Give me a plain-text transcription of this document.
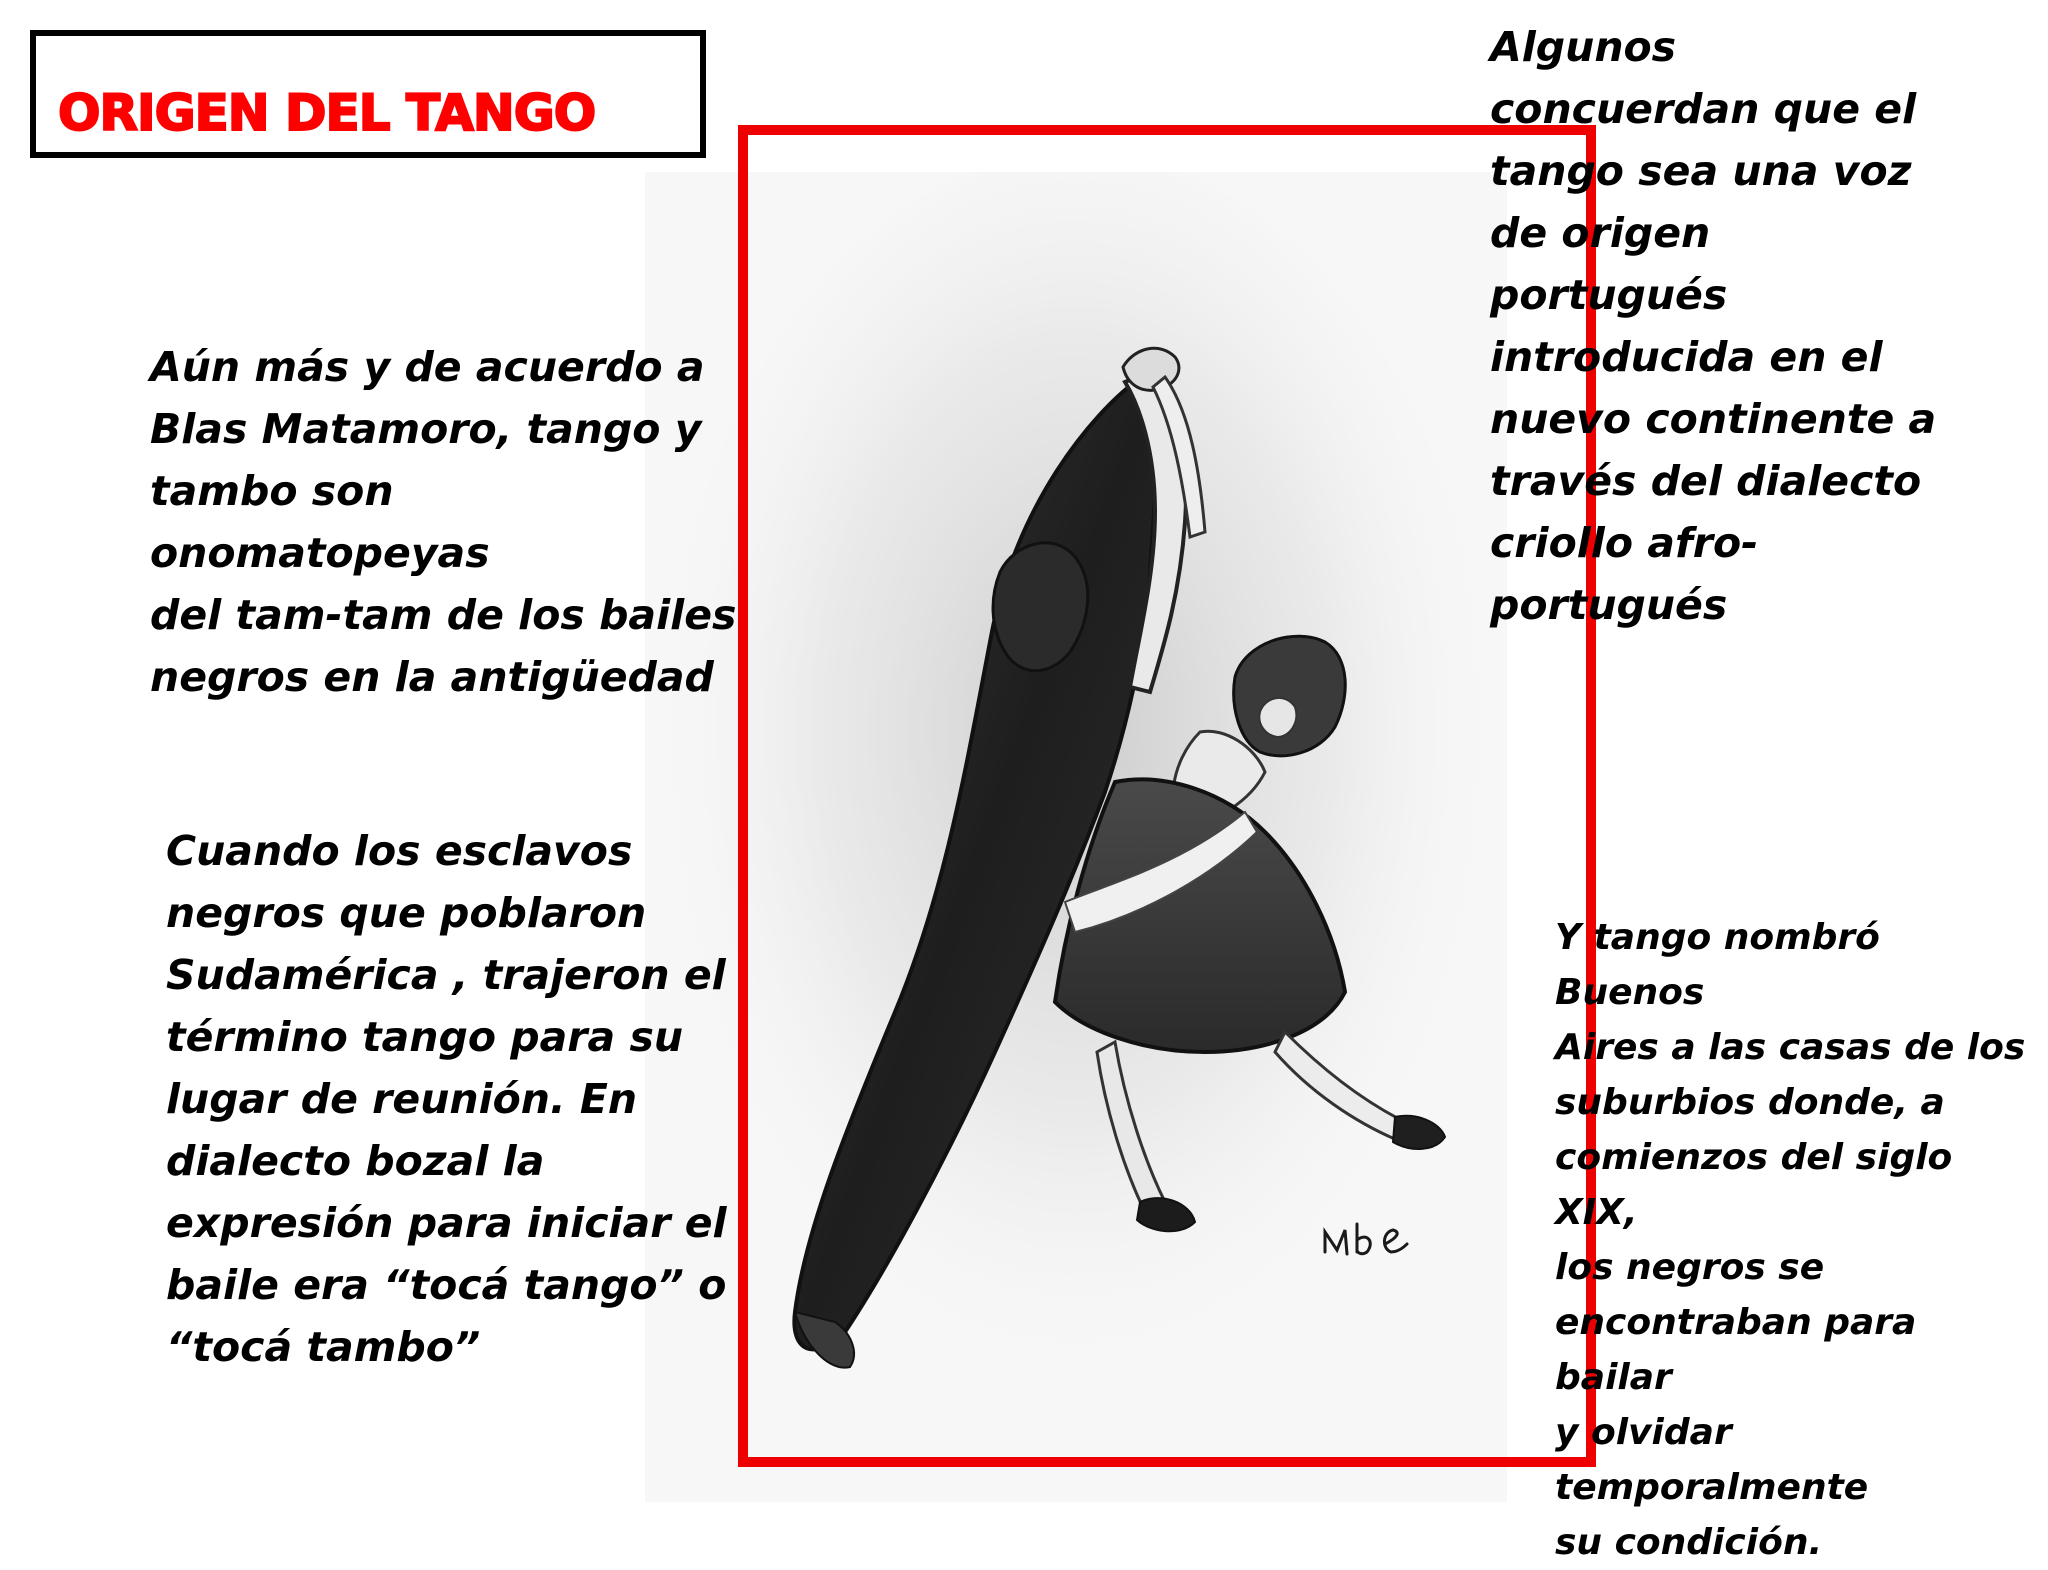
ORIGEN DEL TANGO

Aún más y de acuerdo a
Blas Matamoro, tango y
tambo son onomatopeyas
del tam-tam de los bailes
negros en la antigüedad

Cuando los esclavos
negros que poblaron
Sudamérica , trajeron el
término tango para su
lugar de reunión. En
dialecto bozal la
expresión para iniciar el
baile era “tocá tango” o
“tocá tambo”

Algunos
concuerdan que el
tango sea una voz
de origen
portugués
introducida en el
nuevo continente a
través del dialecto
criollo afro-
portugués

Y tango nombró Buenos
Aires a las casas de los
suburbios donde, a
comienzos del siglo XIX,
los negros se
encontraban para bailar
y olvidar temporalmente
su condición.
